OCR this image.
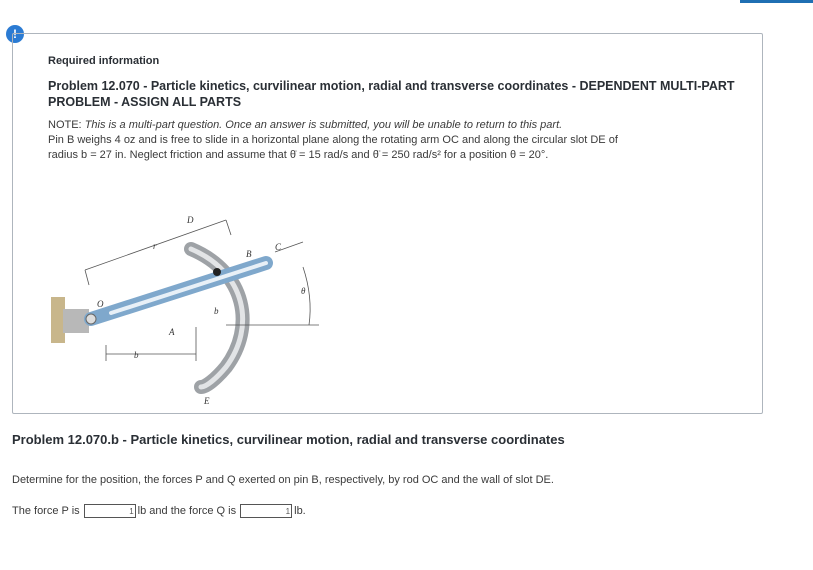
!
Required information
Problem 12.070 - Particle kinetics, curvilinear motion, radial and transverse coordinates - DEPENDENT MULTI-PART PROBLEM - ASSIGN ALL PARTS
NOTE: This is a multi-part question. Once an answer is submitted, you will be unable to return to this part.
Pin B weighs 4 oz and is free to slide in a horizontal plane along the rotating arm OC and along the circular slot DE of
radius b = 27 in. Neglect friction and assume that θ̇ = 15 rad/s and θ̈ = 250 rad/s² for a position θ = 20°.
r
D
B
C
O
b
θ
A
b
E
Problem 12.070.b - Particle kinetics, curvilinear motion, radial and transverse coordinates
Determine for the position, the forces P and Q exerted on pin B, respectively, by rod OC and the wall of slot DE.
The force P is	1 lb and the force Q is	1 lb.
